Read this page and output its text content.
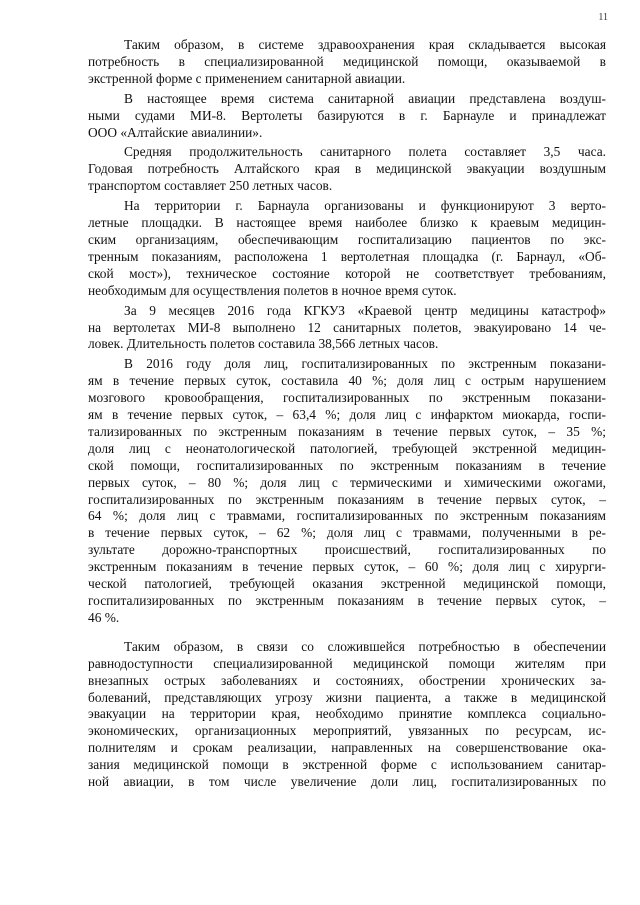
11
Таким образом, в системе здравоохранения края складывается высокая
потребность в специализированной медицинской помощи, оказываемой в
экстренной форме с применением санитарной авиации.
В настоящее время система санитарной авиации представлена воздуш-
ными судами МИ-8. Вертолеты базируются в г. Барнауле и принадлежат
ООО «Алтайские авиалинии».
Средняя продолжительность санитарного полета составляет 3,5 часа.
Годовая потребность Алтайского края в медицинской эвакуации воздушным
транспортом составляет 250 летных часов.
На территории г. Барнаула организованы и функционируют 3 верто-
летные площадки. В настоящее время наиболее близко к краевым медицин-
ским организациям, обеспечивающим госпитализацию пациентов по экс-
тренным показаниям, расположена 1 вертолетная площадка (г. Барнаул, «Об-
ской мост»), техническое состояние которой не соответствует требованиям,
необходимым для осуществления полетов в ночное время суток.
За 9 месяцев 2016 года КГКУЗ «Краевой центр медицины катастроф»
на вертолетах МИ-8 выполнено 12 санитарных полетов, эвакуировано 14 че-
ловек. Длительность полетов составила 38,566 летных часов.
В 2016 году доля лиц, госпитализированных по экстренным показани-
ям в течение первых суток, составила 40 %; доля лиц с острым нарушением
мозгового кровообращения, госпитализированных по экстренным показани-
ям в течение первых суток, – 63,4 %; доля лиц с инфарктом миокарда, госпи-
тализированных по экстренным показаниям в течение первых суток, – 35 %;
доля лиц с неонатологической патологией, требующей экстренной медицин-
ской помощи, госпитализированных по экстренным показаниям в течение
первых суток, – 80 %; доля лиц с термическими и химическими ожогами,
госпитализированных по экстренным показаниям в течение первых суток, –
64 %; доля лиц с травмами, госпитализированных по экстренным показаниям
в течение первых суток, – 62 %; доля лиц с травмами, полученными в ре-
зультате дорожно-транспортных происшествий, госпитализированных по
экстренным показаниям в течение первых суток, – 60 %; доля лиц с хирурги-
ческой патологией, требующей оказания экстренной медицинской помощи,
госпитализированных по экстренным показаниям в течение первых суток, –
46 %.
Таким образом, в связи со сложившейся потребностью в обеспечении
равнодоступности специализированной медицинской помощи жителям при
внезапных острых заболеваниях и состояниях, обострении хронических за-
болеваний, представляющих угрозу жизни пациента, а также в медицинской
эвакуации на территории края, необходимо принятие комплекса социально-
экономических, организационных мероприятий, увязанных по ресурсам, ис-
полнителям и срокам реализации, направленных на совершенствование ока-
зания медицинской помощи в экстренной форме с использованием санитар-
ной авиации, в том числе увеличение доли лиц, госпитализированных по
